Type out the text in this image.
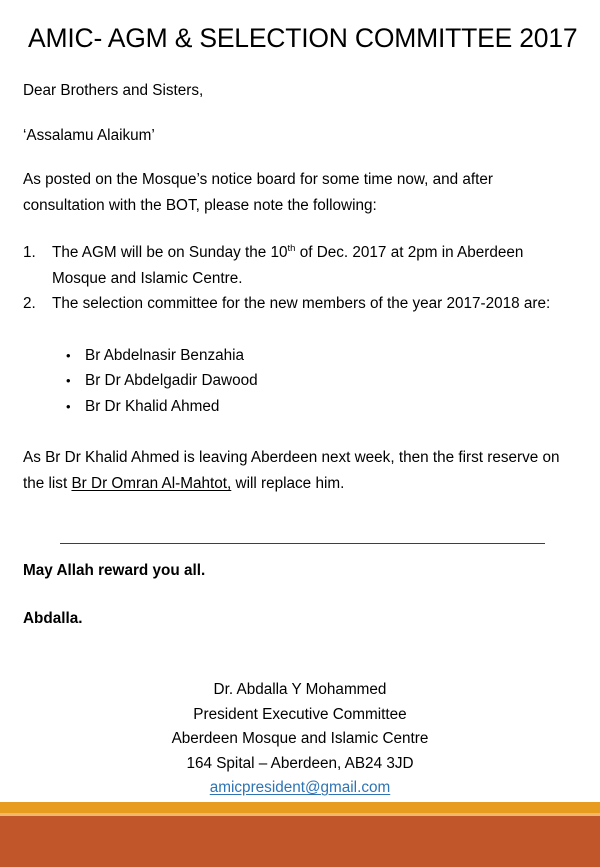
AMIC- AGM & SELECTION COMMITTEE 2017

Dear Brothers and Sisters,

‘Assalamu Alaikum’

As posted on the Mosque’s notice board for some time now, and after consultation with the BOT, please note the following:

1.	The AGM will be on Sunday the 10th of Dec. 2017 at 2pm in Aberdeen Mosque and Islamic Centre.
2.	The selection committee for the new members of the year 2017-2018 are:
• Br Abdelnasir Benzahia
• Br Dr Abdelgadir Dawood
• Br Dr Khalid Ahmed

As Br Dr Khalid Ahmed is leaving Aberdeen next week, then the first reserve on the list Br Dr Omran Al-Mahtot, will replace him.

May Allah reward you all.

Abdalla.

Dr. Abdalla Y Mohammed

President Executive Committee

Aberdeen Mosque and Islamic Centre

164 Spital – Aberdeen, AB24 3JD

amicpresident@gmail.com
